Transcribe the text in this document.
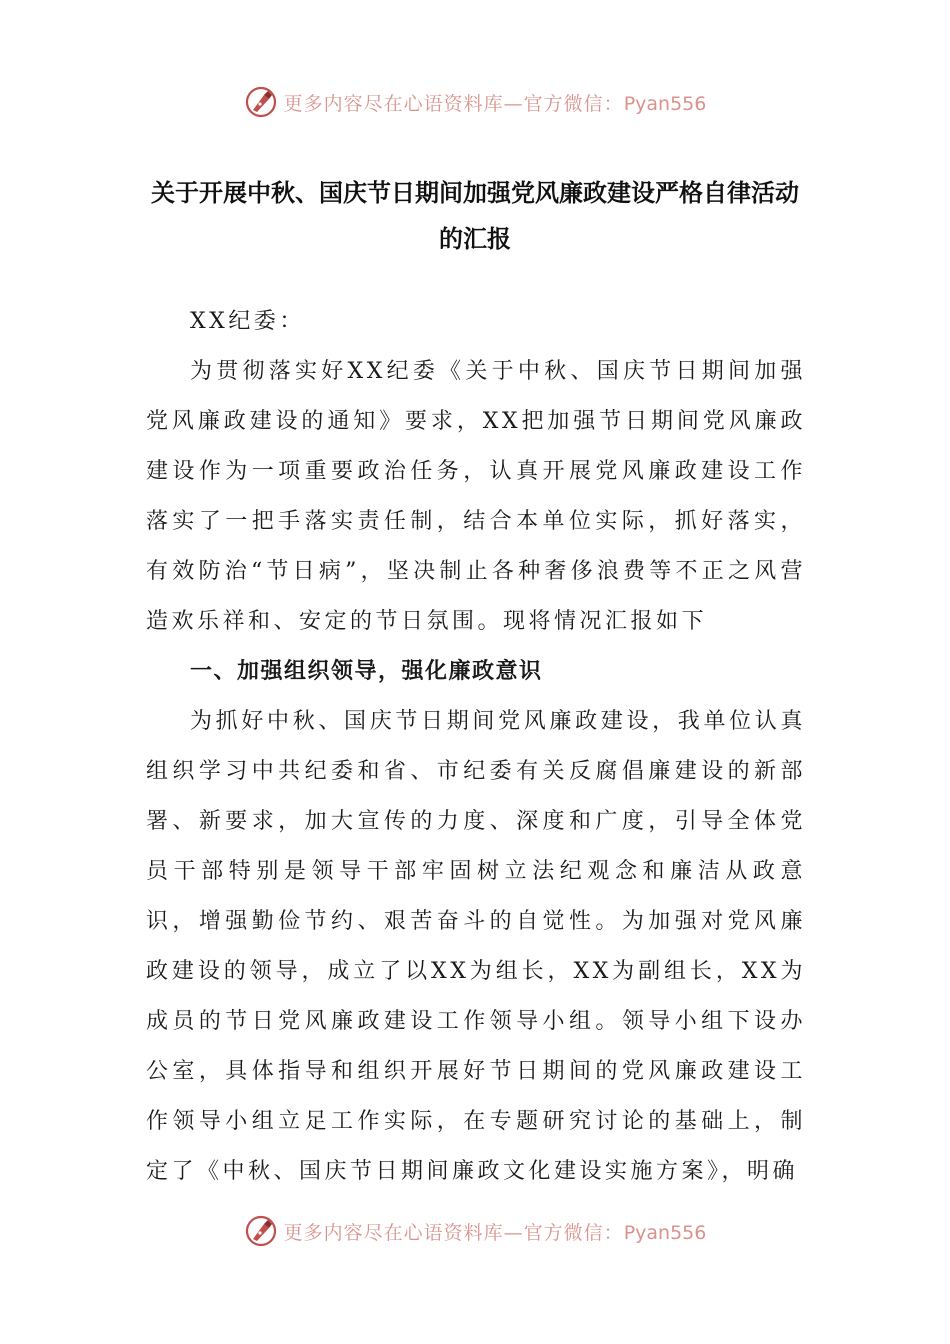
更多内容尽在心语资料库—官方微信：Pyan556
关于开展中秋、国庆节日期间加强党风廉政建设严格自律活动的汇报

XX纪委：

为贯彻落实好XX纪委《关于中秋、国庆节日期间加强党风廉政建设的通知》要求，XX把加强节日期间党风廉政建设作为一项重要政治任务，认真开展党风廉政建设工作落实了一把手落实责任制，结合本单位实际，抓好落实，有效防治“节日病”，坚决制止各种奢侈浪费等不正之风营造欢乐祥和、安定的节日氛围。现将情况汇报如下

一、加强组织领导，强化廉政意识

为抓好中秋、国庆节日期间党风廉政建设，我单位认真组织学习中共纪委和省、市纪委有关反腐倡廉建设的新部署、新要求，加大宣传的力度、深度和广度，引导全体党员干部特别是领导干部牢固树立法纪观念和廉洁从政意识，增强勤俭节约、艰苦奋斗的自觉性。为加强对党风廉政建设的领导，成立了以XX为组长，XX为副组长，XX为成员的节日党风廉政建设工作领导小组。领导小组下设办公室，具体指导和组织开展好节日期间的党风廉政建设工作领导小组立足工作实际，在专题研究讨论的基础上，制定了《中秋、国庆节日期间廉政文化建设实施方案》，明确

更多内容尽在心语资料库—官方微信：Pyan556
